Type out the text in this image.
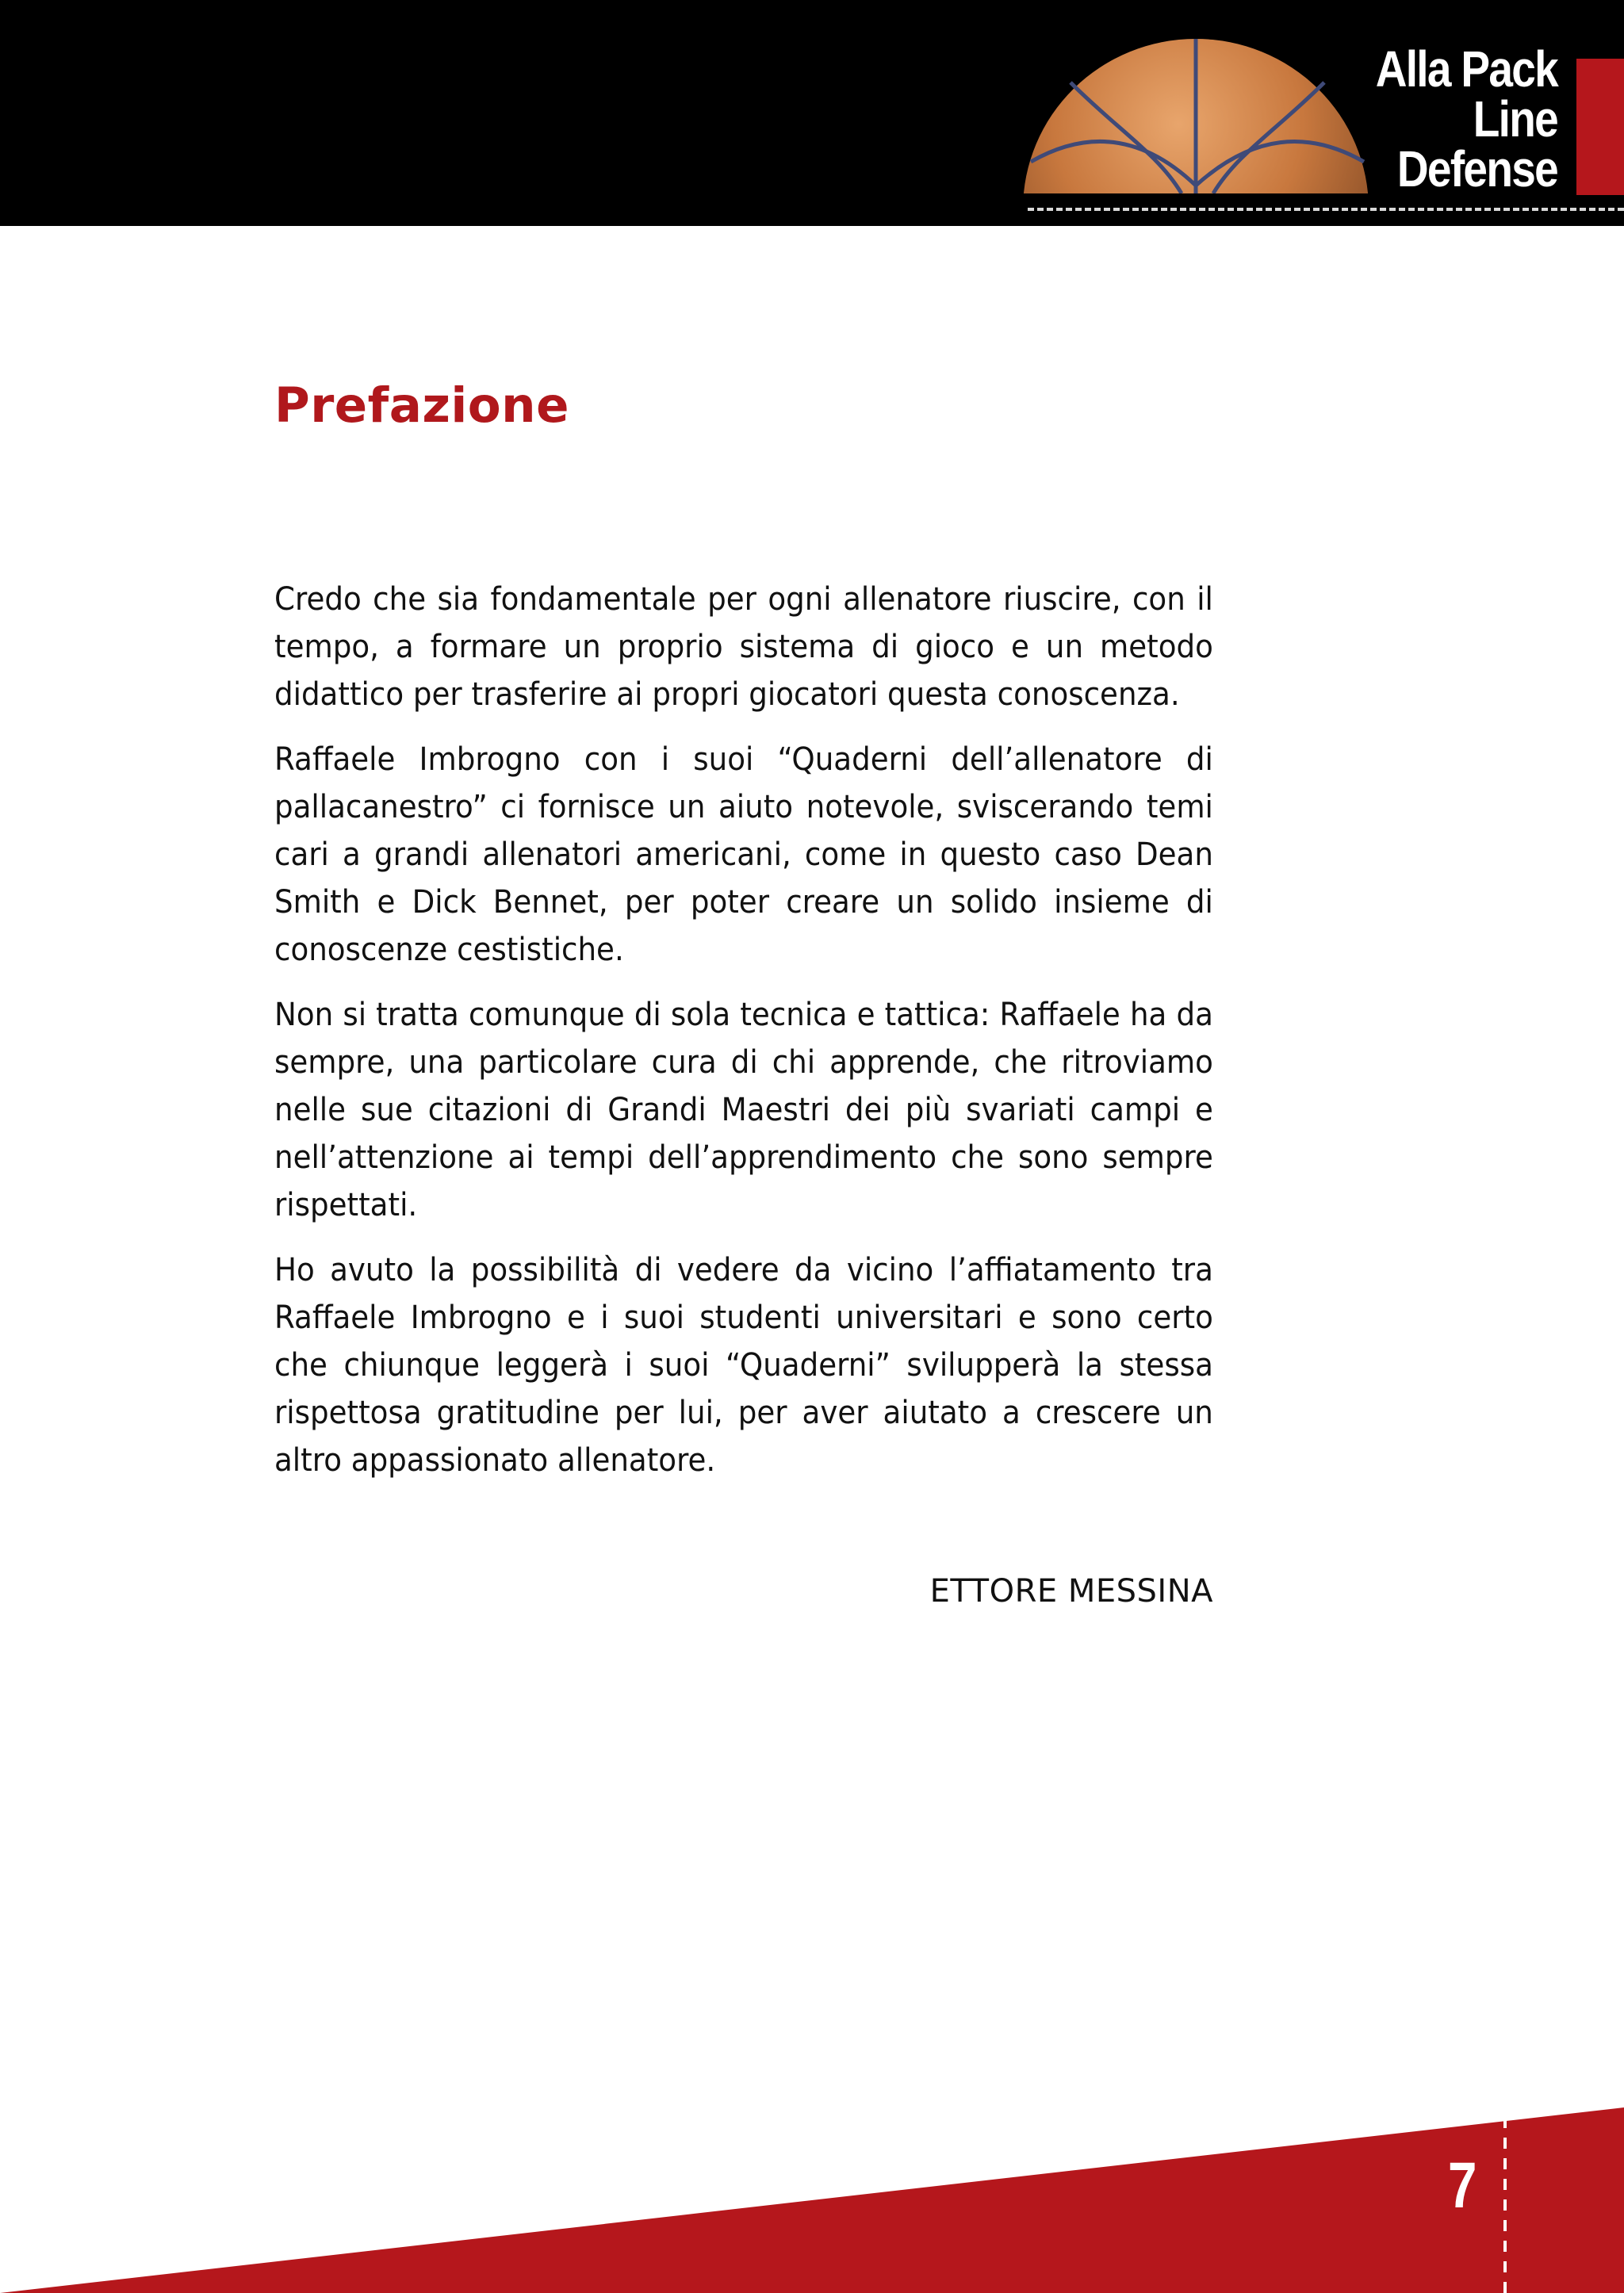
Alla Pack
Line
Defense
Prefazione

Credo che sia fondamentale per ogni allenatore riuscire, con il tempo, a formare un proprio sistema di gioco e un metodo didattico per trasferire ai propri giocatori questa conoscenza.

Raffaele Imbrogno con i suoi “Quaderni dell’allenatore di pallacanestro” ci fornisce un aiuto notevole, sviscerando temi cari a grandi allenatori americani, come in questo caso Dean Smith e Dick Bennet, per poter creare un solido insieme di conoscenze cestistiche.

Non si tratta comunque di sola tecnica e tattica: Raffaele ha da sempre, una particolare cura di chi apprende, che ritroviamo nelle sue citazioni di Grandi Maestri dei più svariati campi e nell’attenzione ai tempi dell’apprendimento che sono sempre rispettati.

Ho avuto la possibilità di vedere da vicino l’affiatamento tra Raffaele Imbrogno e i suoi studenti universitari e sono certo che chiunque leggerà i suoi “Quaderni” svilupperà la stessa rispettosa gratitudine per lui, per aver aiutato a crescere un altro appassionato allenatore.

ETTORE MESSINA
7
